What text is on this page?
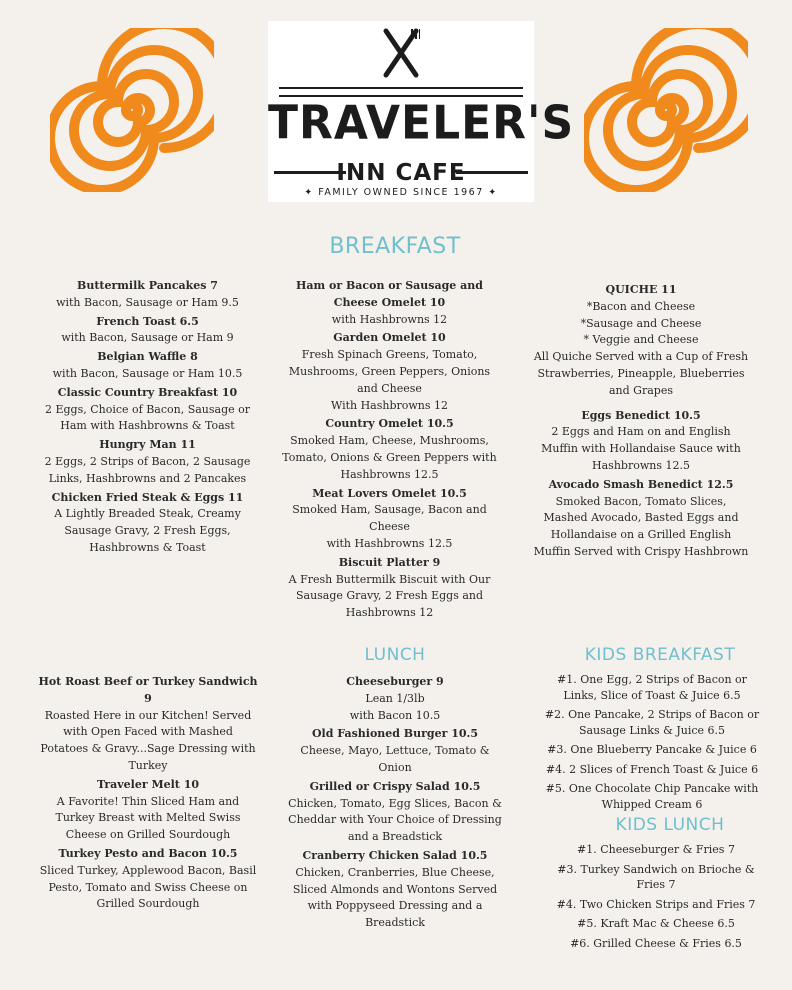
TRAVELER'S
INN CAFE
✦ FAMILY OWNED SINCE 1967 ✦
BREAKFAST
LUNCH	KIDS BREAKFAST
KIDS LUNCH
Buttermilk Pancakes 7
with Bacon, Sausage or Ham 9.5
French Toast 6.5
with Bacon, Sausage or Ham 9
Belgian Waffle 8
with Bacon, Sausage or Ham 10.5
Classic Country Breakfast 10
2 Eggs, Choice of Bacon, Sausage or Ham with Hashbrowns & Toast
Hungry Man 11
2 Eggs, 2 Strips of Bacon, 2 Sausage Links, Hashbrowns and 2 Pancakes
Chicken Fried Steak & Eggs 11
A Lightly Breaded Steak, Creamy Sausage Gravy, 2 Fresh Eggs, Hashbrowns & Toast
Ham or Bacon or Sausage and Cheese Omelet 10
with Hashbrowns 12
Garden Omelet 10
Fresh Spinach Greens, Tomato, Mushrooms, Green Peppers, Onions and Cheese
With Hashbrowns 12
Country Omelet 10.5
Smoked Ham, Cheese, Mushrooms, Tomato, Onions & Green Peppers with Hashbrowns 12.5
Meat Lovers Omelet 10.5
Smoked Ham, Sausage, Bacon and Cheese
with Hashbrowns 12.5
Biscuit Platter 9
A Fresh Buttermilk Biscuit with Our Sausage Gravy, 2 Fresh Eggs and Hashbrowns 12
QUICHE 11
*Bacon and Cheese
*Sausage and Cheese
* Veggie and Cheese
All Quiche Served with a Cup of Fresh Strawberries, Pineapple, Blueberries and Grapes
Eggs Benedict 10.5
2 Eggs and Ham on and English Muffin with Hollandaise Sauce with Hashbrowns 12.5
Avocado Smash Benedict 12.5
Smoked Bacon, Tomato Slices, Mashed Avocado, Basted Eggs and Hollandaise on a Grilled English Muffin Served with Crispy Hashbrown
Hot Roast Beef or Turkey Sandwich 9
Roasted Here in our Kitchen! Served with Open Faced with Mashed Potatoes & Gravy...Sage Dressing with Turkey
Traveler Melt 10
A Favorite! Thin Sliced Ham and Turkey Breast with Melted Swiss Cheese on Grilled Sourdough
Turkey Pesto and Bacon 10.5
Sliced Turkey, Applewood Bacon, Basil Pesto, Tomato and Swiss Cheese on Grilled Sourdough
Cheeseburger 9
Lean 1/3lb
with Bacon 10.5
Old Fashioned Burger 10.5
Cheese, Mayo, Lettuce, Tomato & Onion
Grilled or Crispy Salad 10.5
Chicken, Tomato, Egg Slices, Bacon & Cheddar with Your Choice of Dressing and a Breadstick
Cranberry Chicken Salad 10.5
Chicken, Cranberries, Blue Cheese, Sliced Almonds and Wontons Served with Poppyseed Dressing and a Breadstick
#1. One Egg, 2 Strips of Bacon or Links, Slice of Toast & Juice 6.5
#2. One Pancake, 2 Strips of Bacon or Sausage Links & Juice 6.5
#3. One Blueberry Pancake & Juice 6
#4. 2 Slices of French Toast & Juice 6
#5. One Chocolate Chip Pancake with Whipped Cream 6
#1. Cheeseburger & Fries 7
#3. Turkey Sandwich on Brioche & Fries 7
#4. Two Chicken Strips and Fries 7
#5. Kraft Mac & Cheese 6.5
#6. Grilled Cheese & Fries 6.5
